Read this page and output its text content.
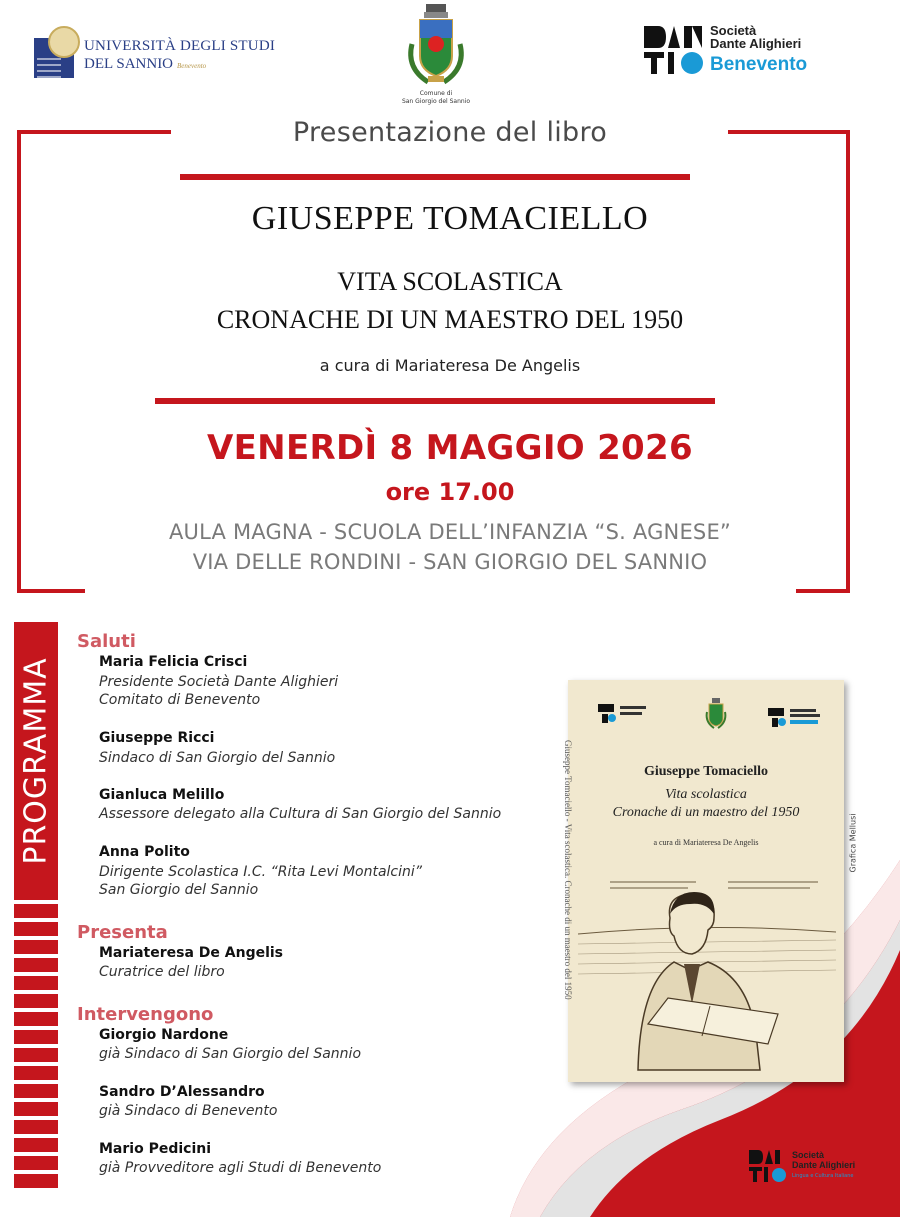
UNIVERSITÀ DEGLI STUDI
DEL SANNIO Benevento
Comune di
San Giorgio del Sannio
Società
Dante Alighieri
Benevento
Presentazione del libro
GIUSEPPE TOMACIELLO
VITA SCOLASTICA
CRONACHE DI UN MAESTRO DEL 1950
a cura di Mariateresa De Angelis
VENERDÌ 8 MAGGIO 2026
ore 17.00
AULA MAGNA - SCUOLA DELL’INFANZIA “S. AGNESE”
VIA DELLE RONDINI - SAN GIORGIO DEL SANNIO
PROGRAMMA
Saluti
Maria Felicia Crisci
Presidente Società Dante Alighieri
Comitato di Benevento
Giuseppe Ricci
Sindaco di San Giorgio del Sannio
Gianluca Melillo
Assessore delegato alla Cultura di San Giorgio del Sannio
Anna Polito
Dirigente Scolastica I.C. “Rita Levi Montalcini”
San Giorgio del Sannio
Presenta
Mariateresa De Angelis
Curatrice del libro
Intervengono
Giorgio Nardone
già Sindaco di San Giorgio del Sannio
Sandro D’Alessandro
già Sindaco di Benevento
Mario Pedicini
già Provveditore agli Studi di Benevento
Giuseppe Tomaciello - Vita scolastica. Cronache di un maestro del 1950	Giuseppe Tomaciello
Vita scolastica
Cronache di un maestro del 1950
a cura di Mariateresa De Angelis	Grafica Mellusi
Società
Dante Alighieri
Lingua e Cultura Italiane
